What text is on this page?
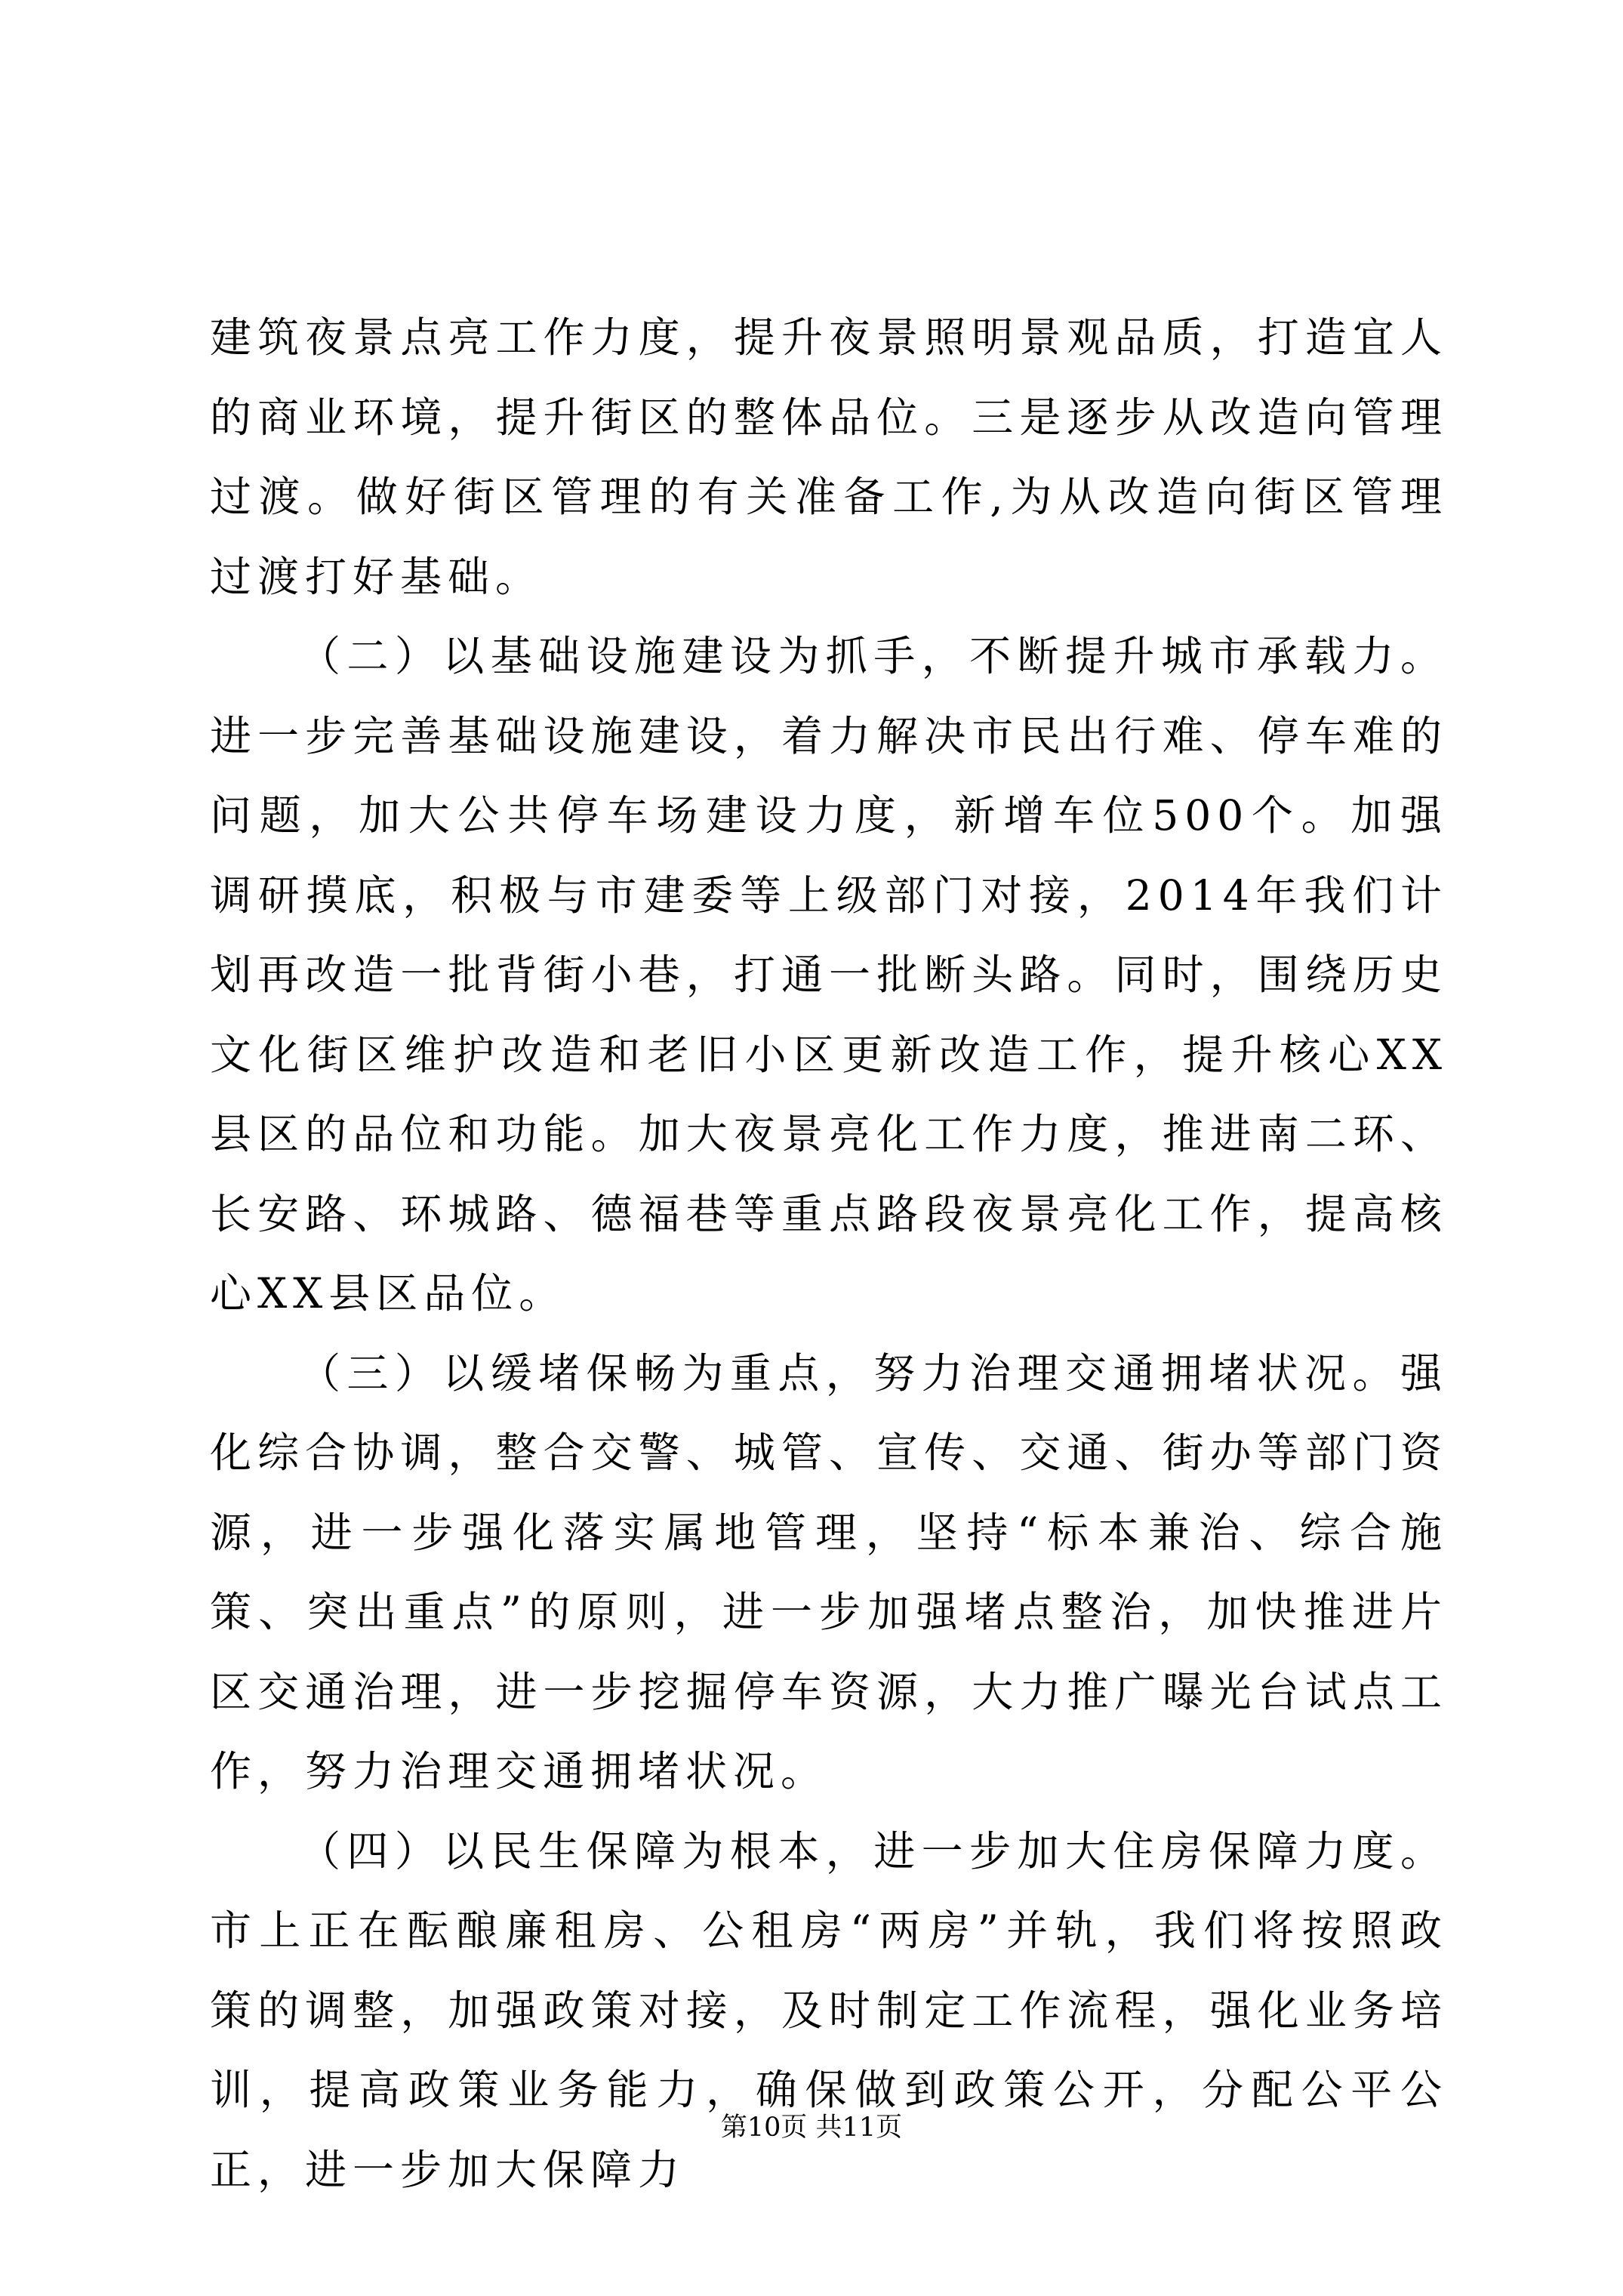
建筑夜景点亮工作力度，提升夜景照明景观品质，打造宜人的商业环境，提升街区的整体品位。三是逐步从改造向管理过渡。做好街区管理的有关准备工作,为从改造向街区管理过渡打好基础。

（二）以基础设施建设为抓手，不断提升城市承载力。进一步完善基础设施建设，着力解决市民出行难、停车难的问题，加大公共停车场建设力度，新增车位500个。加强调研摸底，积极与市建委等上级部门对接，2014年我们计划再改造一批背街小巷，打通一批断头路。同时，围绕历史文化街区维护改造和老旧小区更新改造工作，提升核心XX县区的品位和功能。加大夜景亮化工作力度，推进南二环、长安路、环城路、德福巷等重点路段夜景亮化工作，提高核心XX县区品位。

（三）以缓堵保畅为重点，努力治理交通拥堵状况。强化综合协调，整合交警、城管、宣传、交通、街办等部门资源，进一步强化落实属地管理，坚持“标本兼治、综合施策、突出重点”的原则，进一步加强堵点整治，加快推进片区交通治理，进一步挖掘停车资源，大力推广曝光台试点工作，努力治理交通拥堵状况。

（四）以民生保障为根本，进一步加大住房保障力度。市上正在酝酿廉租房、公租房“两房”并轨，我们将按照政策的调整，加强政策对接，及时制定工作流程，强化业务培训，提高政策业务能力，确保做到政策公开，分配公平公正，进一步加大保障力

第10页 共11页
